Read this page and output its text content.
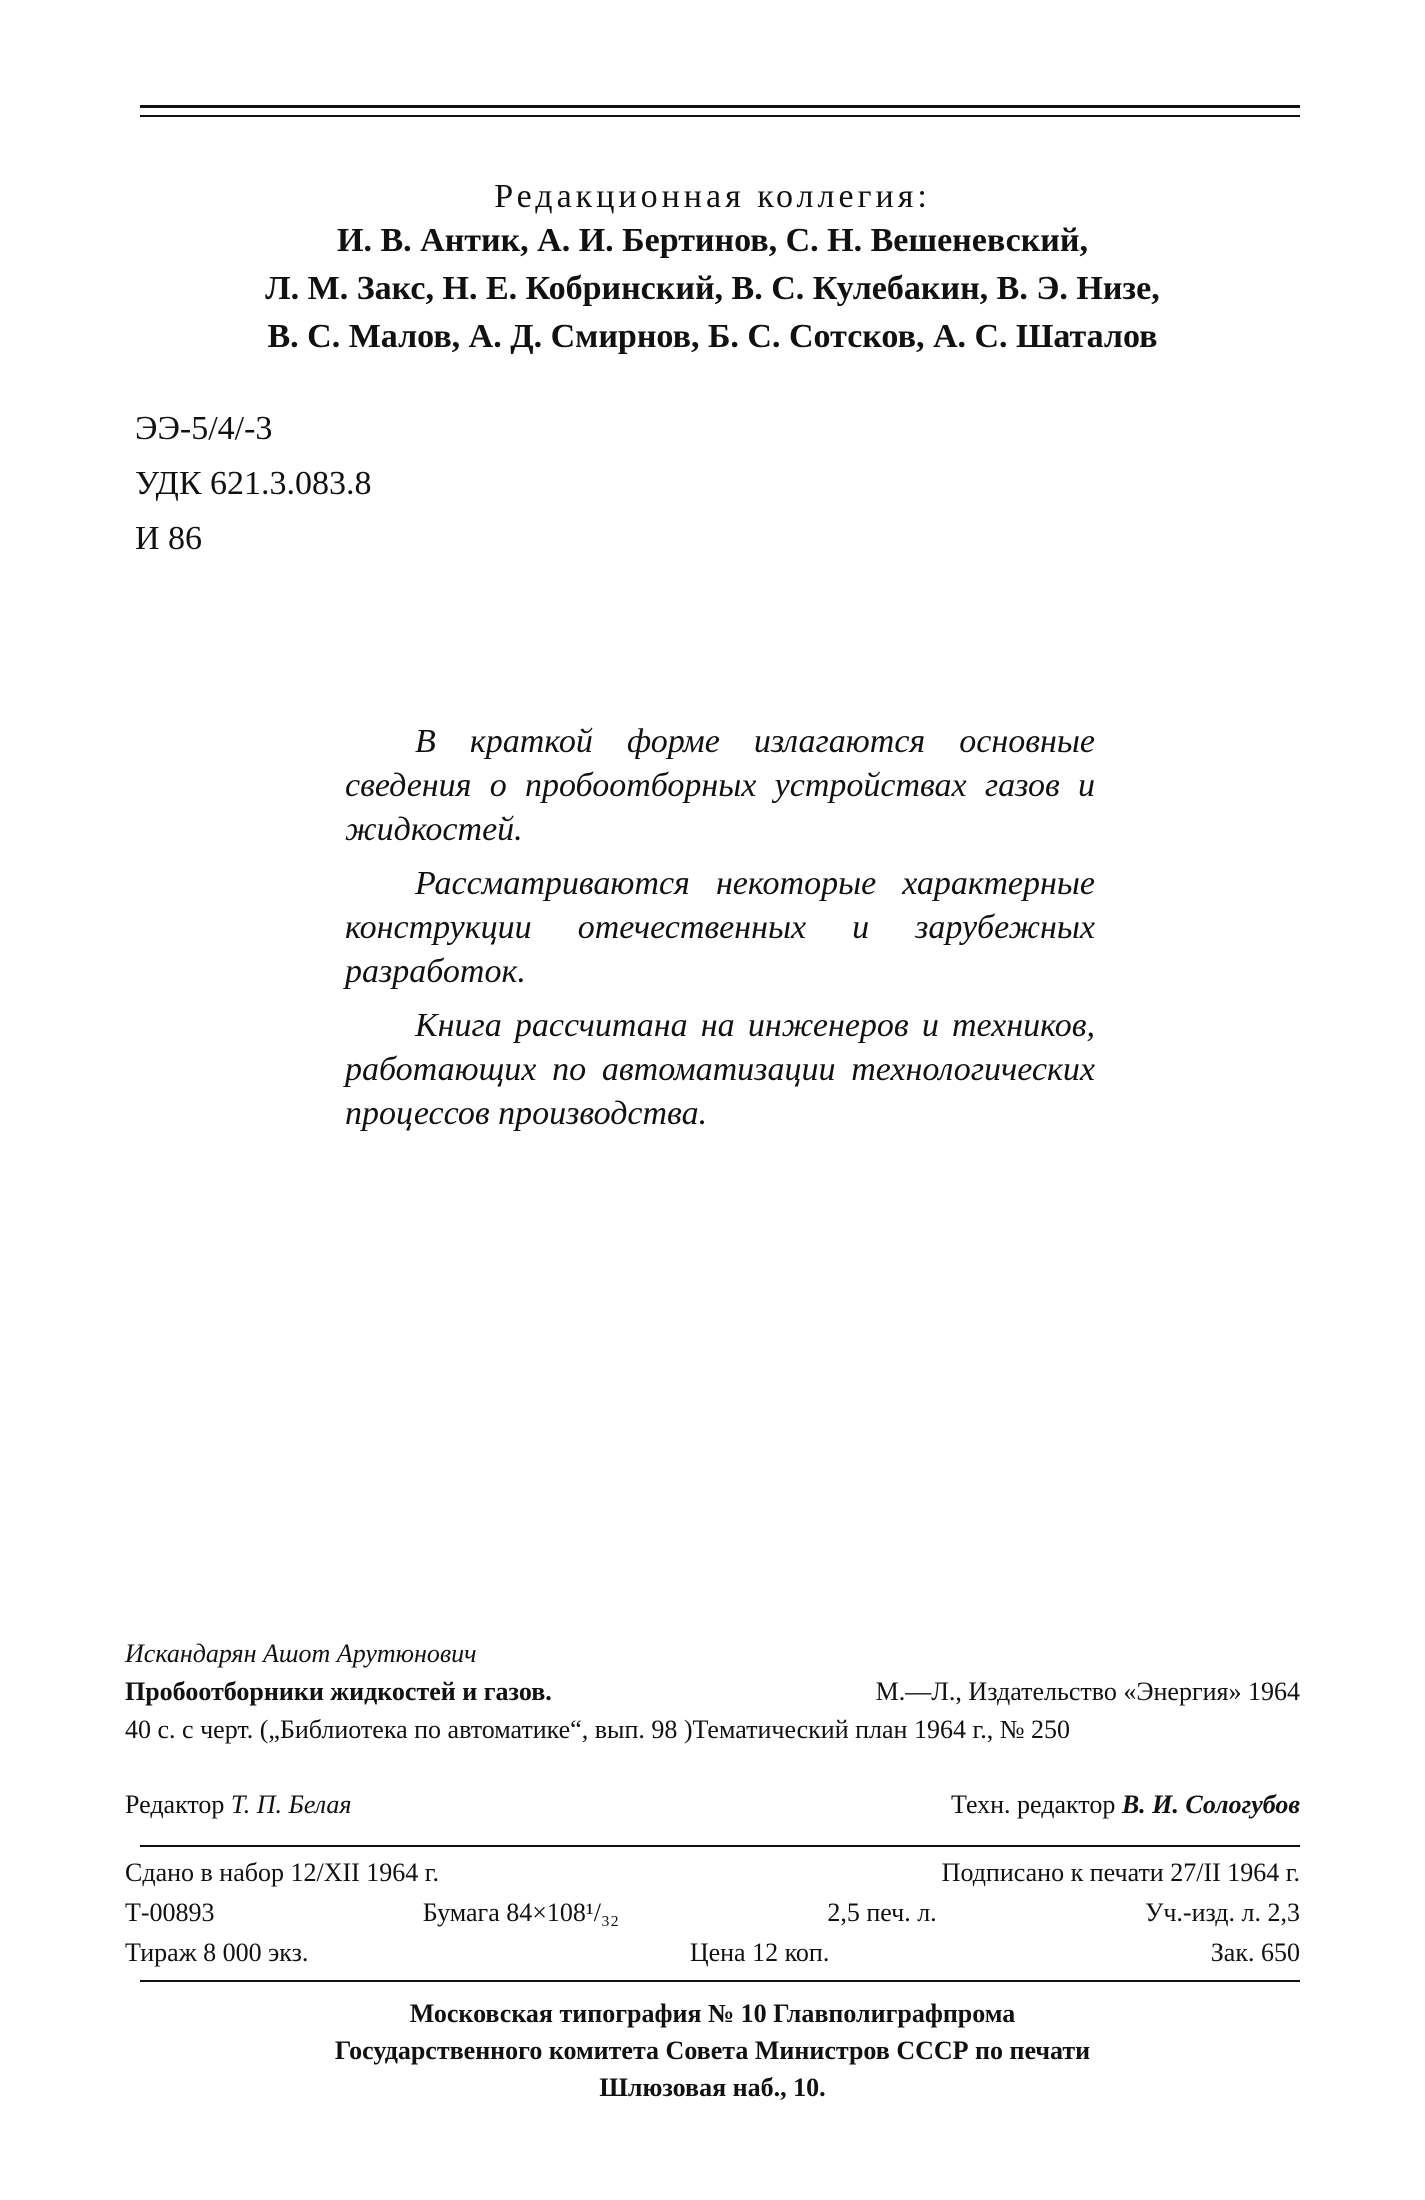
Редакционная коллегия:
И. В. Антик, А. И. Бертинов, С. Н. Вешеневский,
Л. М. Закс, Н. Е. Кобринский, В. С. Кулебакин, В. Э. Низе,
В. С. Малов, А. Д. Смирнов, Б. С. Сотсков, А. С. Шаталов
ЭЭ-5/4/-3
УДК 621.3.083.8
И 86

В краткой форме излагаются основные сведения о пробоотборных устройствах газов и жидкостей.

Рассматриваются некоторые характерные конструкции отечественных и зарубежных разработок.

Книга рассчитана на инженеров и техников, работающих по автоматизации технологических процессов производства.

Искандарян Ашот Арутюнович
Пробоотборники жидкостей и газов.	М.—Л., Издательство «Энергия» 1964
40 с. с черт. („Библиотека по автоматике“, вып. 98 )Тематический план 1964 г., № 250
Редактор Т. П. Белая	Техн. редактор В. И. Сологубов
Сдано в набор 12/XII 1964 г.	Подписано к печати 27/II 1964 г.
Т-00893	Бумага 84×108¹/₃₂	2,5 печ. л.	Уч.-изд. л. 2,3
Тираж 8 000 экз.	Цена 12 коп.	Зак. 650
Московская типография № 10 Главполиграфпрома
Государственного комитета Совета Министров СССР по печати
Шлюзовая наб., 10.
